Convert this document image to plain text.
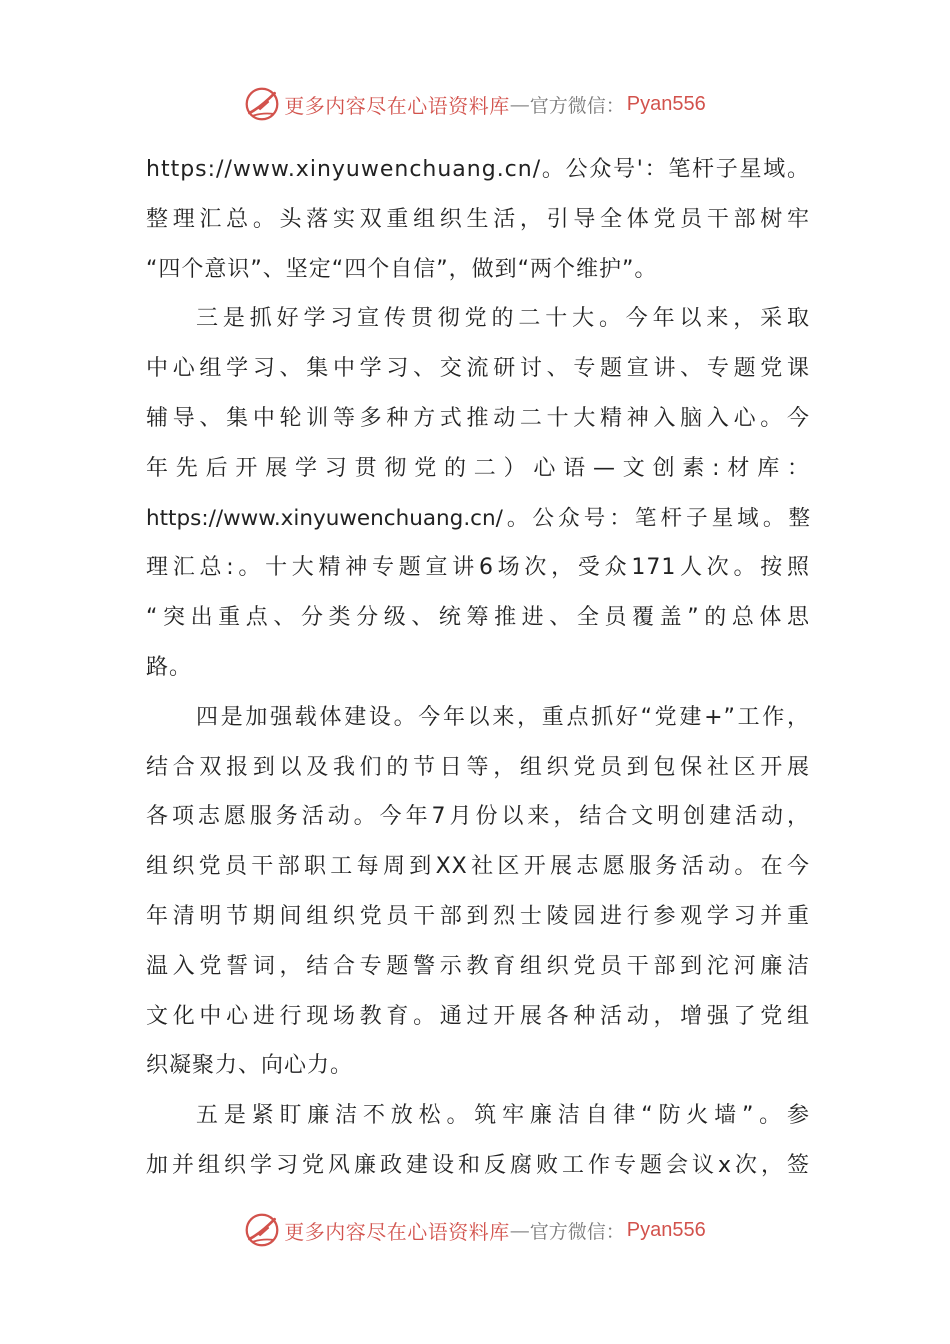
更多内容尽在心语资料库 — 官方微信： Pyan556
https://www.xinyuwenchuang.cn/。公众号'：笔杆子星域。
整理汇总。头落实双重组织生活，引导全体党员干部树牢
“四个意识”、坚定“四个自信”，做到“两个维护”。
三是抓好学习宣传贯彻党的二十大。今年以来，采取
中心组学习、集中学习、交流研讨、专题宣讲、专题党课
辅导、集中轮训等多种方式推动二十大精神入脑入心。今
年先后开展学习贯彻党的二）心语—文创素:材库：
https://www.xinyuwenchuang.cn/。公众号：笔杆子星域。整
理汇总:。十大精神专题宣讲6场次，受众171人次。按照
“突出重点、分类分级、统筹推进、全员覆盖”的总体思
路。
四是加强载体建设。今年以来，重点抓好“党建+”工作，
结合双报到以及我们的节日等，组织党员到包保社区开展
各项志愿服务活动。今年7月份以来，结合文明创建活动，
组织党员干部职工每周到XX社区开展志愿服务活动。在今
年清明节期间组织党员干部到烈士陵园进行参观学习并重
温入党誓词，结合专题警示教育组织党员干部到沱河廉洁
文化中心进行现场教育。通过开展各种活动，增强了党组
织凝聚力、向心力。
五是紧盯廉洁不放松。筑牢廉洁自律“防火墙”。参
加并组织学习党风廉政建设和反腐败工作专题会议x次，签
更多内容尽在心语资料库 — 官方微信： Pyan556
